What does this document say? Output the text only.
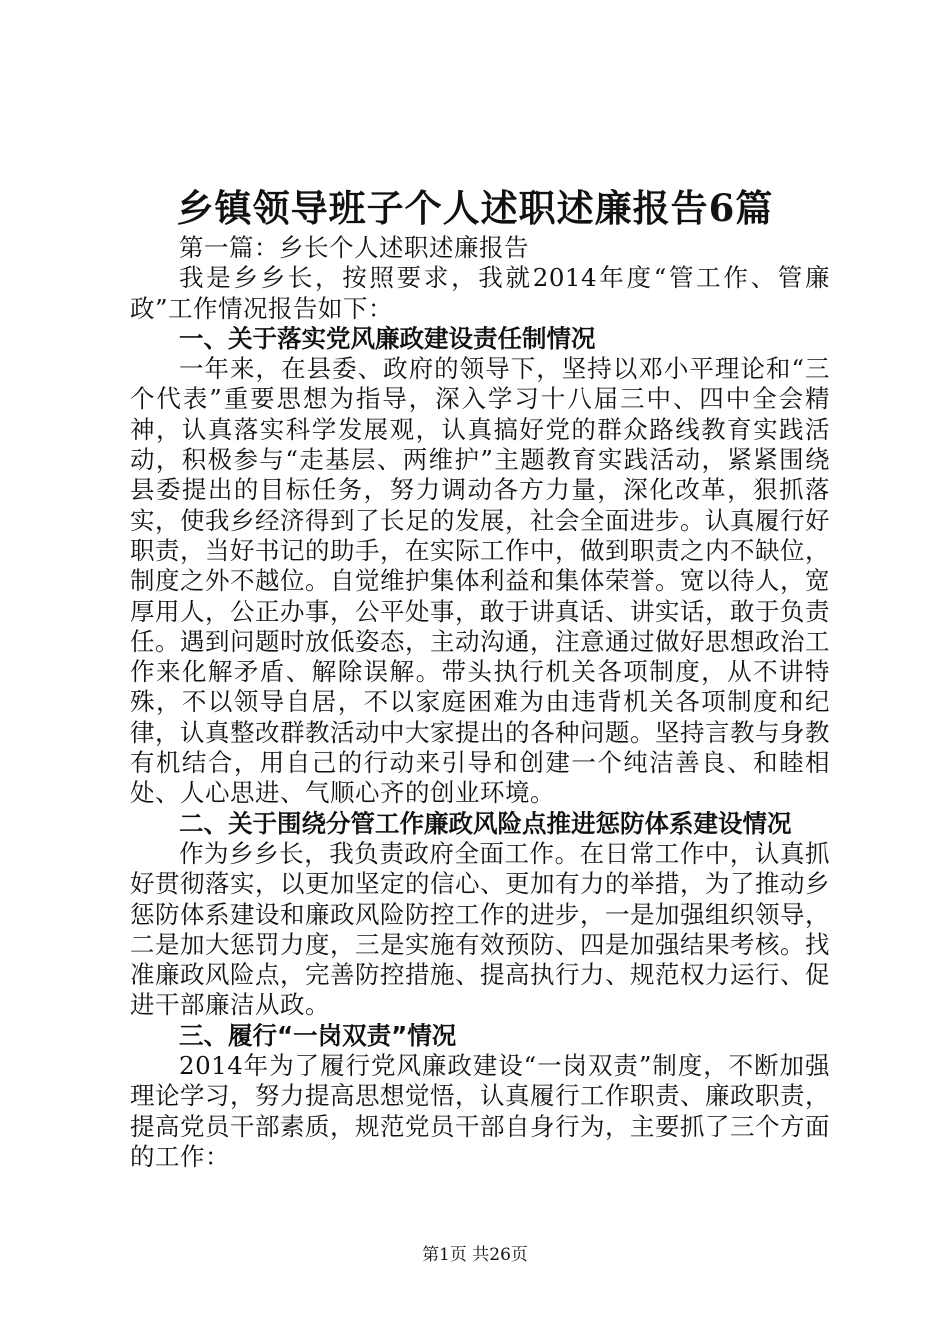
乡镇领导班子个人述职述廉报告6篇

第一篇：乡长个人述职述廉报告

我是乡乡长，按照要求，我就2014年度“管工作、管廉政”工作情况报告如下：

一、关于落实党风廉政建设责任制情况

一年来，在县委、政府的领导下，坚持以邓小平理论和“三个代表”重要思想为指导，深入学习十八届三中、四中全会精神，认真落实科学发展观，认真搞好党的群众路线教育实践活动，积极参与“走基层、两维护”主题教育实践活动，紧紧围绕县委提出的目标任务，努力调动各方力量，深化改革，狠抓落实，使我乡经济得到了长足的发展，社会全面进步。认真履行好职责，当好书记的助手，在实际工作中，做到职责之内不缺位，制度之外不越位。自觉维护集体利益和集体荣誉。宽以待人，宽厚用人，公正办事，公平处事，敢于讲真话、讲实话，敢于负责任。遇到问题时放低姿态，主动沟通，注意通过做好思想政治工作来化解矛盾、解除误解。带头执行机关各项制度，从不讲特殊，不以领导自居，不以家庭困难为由违背机关各项制度和纪律，认真整改群教活动中大家提出的各种问题。坚持言教与身教有机结合，用自己的行动来引导和创建一个纯洁善良、和睦相处、人心思进、气顺心齐的创业环境。

二、关于围绕分管工作廉政风险点推进惩防体系建设情况

作为乡乡长，我负责政府全面工作。在日常工作中，认真抓好贯彻落实，以更加坚定的信心、更加有力的举措，为了推动乡惩防体系建设和廉政风险防控工作的进步，一是加强组织领导，二是加大惩罚力度，三是实施有效预防、四是加强结果考核。找准廉政风险点，完善防控措施、提高执行力、规范权力运行、促进干部廉洁从政。

三、履行“一岗双责”情况

2014年为了履行党风廉政建设“一岗双责”制度，不断加强理论学习，努力提高思想觉悟，认真履行工作职责、廉政职责，提高党员干部素质，规范党员干部自身行为，主要抓了三个方面的工作：

第1页 共26页
